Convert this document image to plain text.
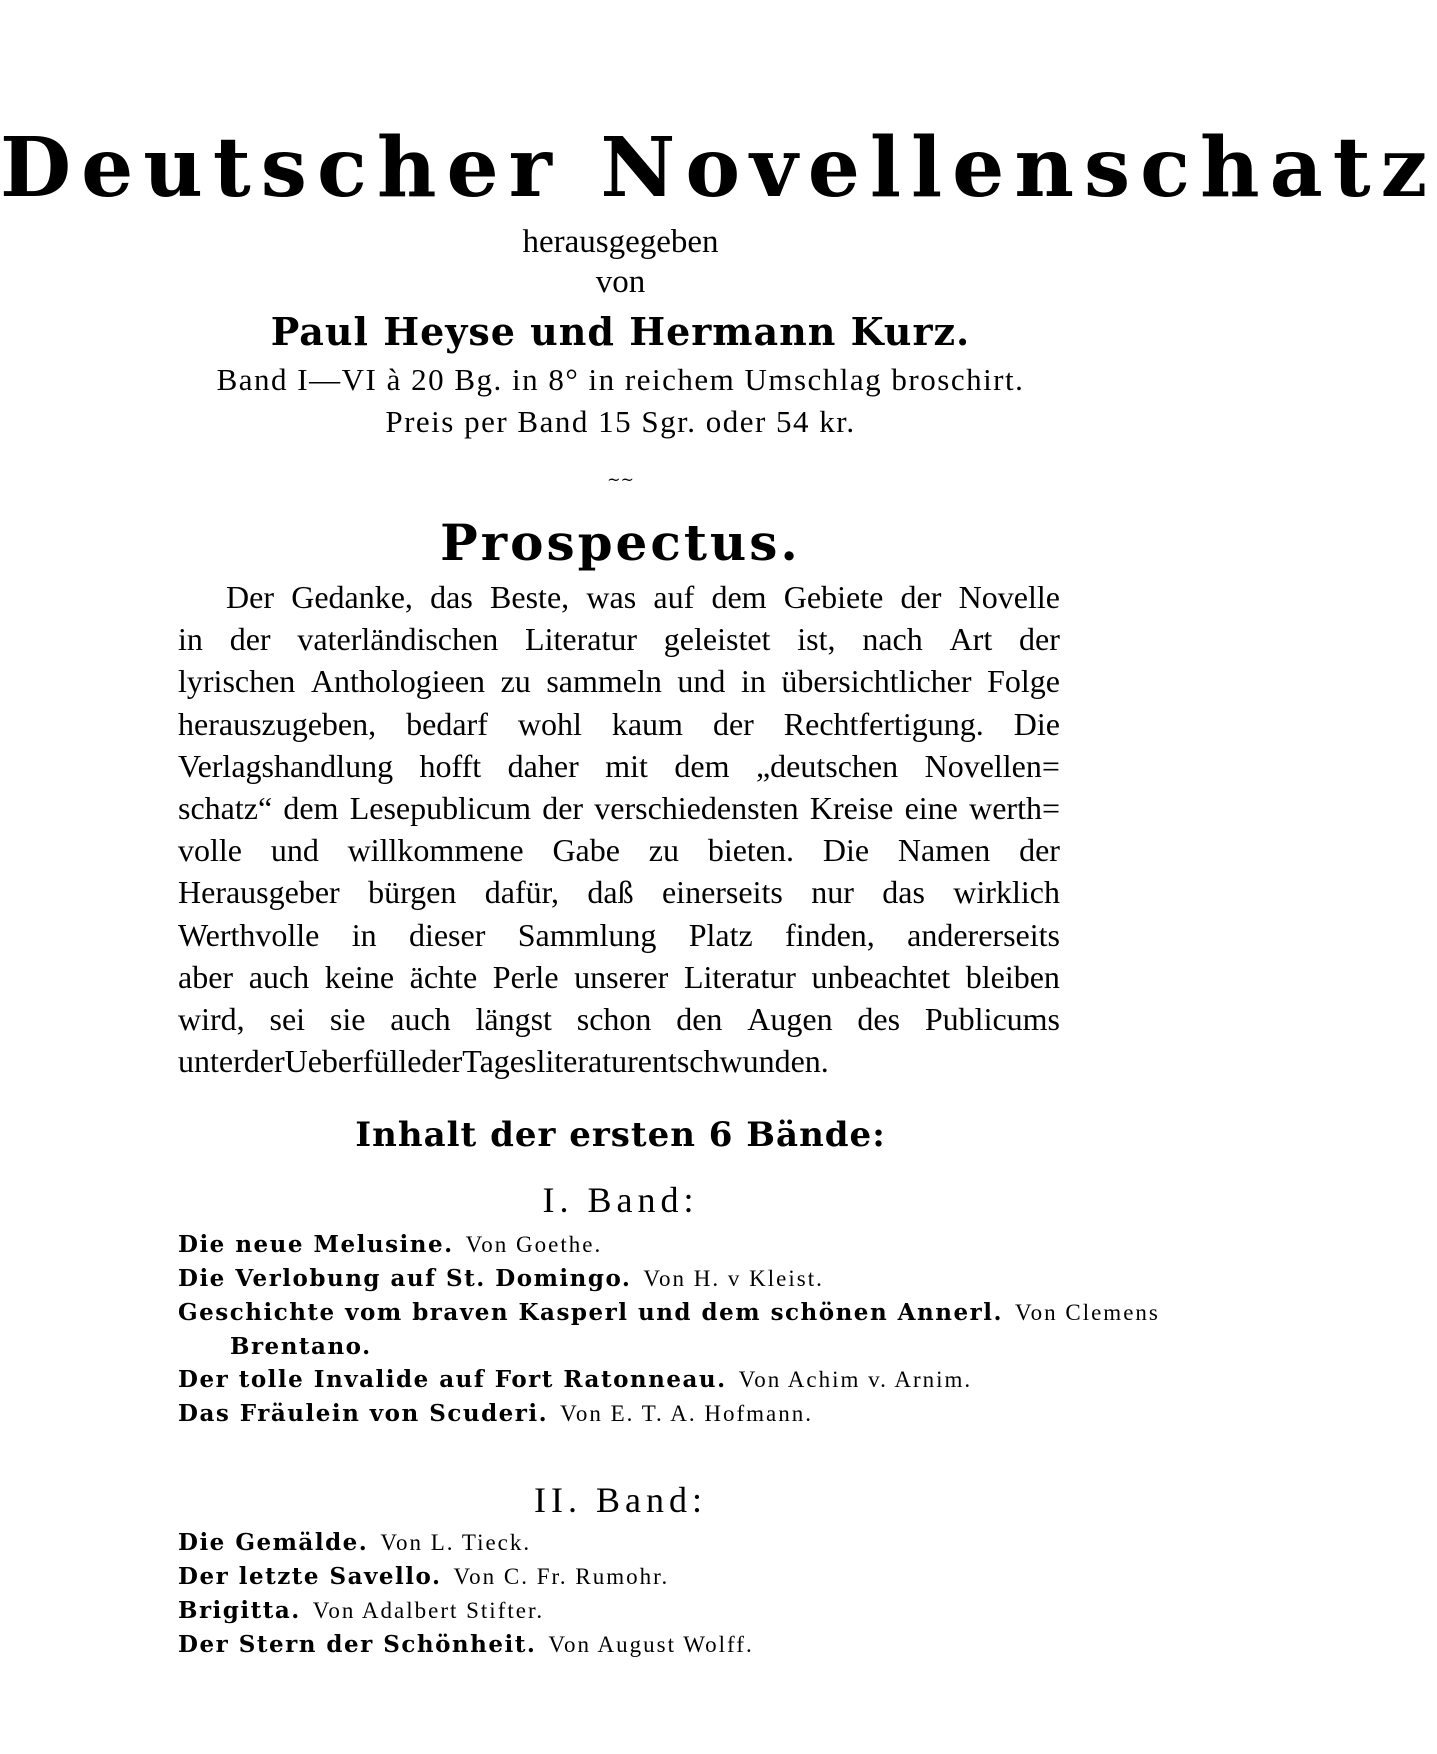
Deutscher Novellenschatz
herausgegeben
von
Paul Heyse und Hermann Kurz.
Band I—VI à 20 Bg. in 8° in reichem Umschlag broschirt.
Preis per Band 15 Sgr. oder 54 kr.
~~
Prospectus.
Der Gedanke, das Beste, was auf dem Gebiete der Novelle
in der vaterländischen Literatur geleistet ist, nach Art der
lyrischen Anthologieen zu sammeln und in übersichtlicher Folge
herauszugeben, bedarf wohl kaum der Rechtfertigung. Die
Verlagshandlung hofft daher mit dem „deutschen Novellen=
schatz“ dem Lesepublicum der verschiedensten Kreise eine werth=
volle und willkommene Gabe zu bieten. Die Namen der
Herausgeber bürgen dafür, daß einerseits nur das wirklich
Werthvolle in dieser Sammlung Platz finden, andererseits
aber auch keine ächte Perle unserer Literatur unbeachtet bleiben
wird, sei sie auch längst schon den Augen des Publicums
unter der Ueberfülle der Tagesliteratur entschwunden.
Inhalt der ersten 6 Bände:
I. Band:
Die neue Melusine. Von Goethe.
Die Verlobung auf St. Domingo. Von H. v Kleist.
Geschichte vom braven Kasperl und dem schönen Annerl. Von Clemens
Brentano.
Der tolle Invalide auf Fort Ratonneau. Von Achim v. Arnim.
Das Fräulein von Scuderi. Von E. T. A. Hofmann.
II. Band:
Die Gemälde. Von L. Tieck.
Der letzte Savello. Von C. Fr. Rumohr.
Brigitta. Von Adalbert Stifter.
Der Stern der Schönheit. Von August Wolff.
